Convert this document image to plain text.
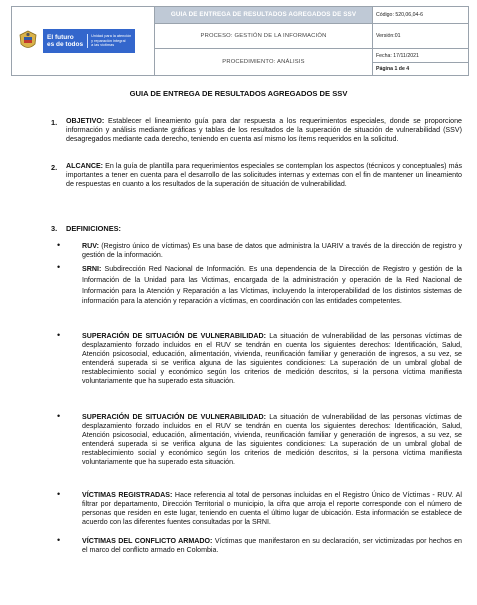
El futuro
es de todos
Unidad para la atención
y reparación integral
a las víctimas	GUIA DE ENTREGA DE RESULTADOS AGREGADOS DE SSV	Código: 520,06,04-6
	PROCESO: GESTIÓN DE LA INFORMACIÓN	Versión:01
	PROCEDIMIENTO: ANÁLISIS	Fecha: 17/11/2021
Página 1 de 4
GUIA DE ENTREGA DE RESULTADOS AGREGADOS DE SSV
1. OBJETIVO: Establecer el lineamiento guía para dar respuesta a los requerimientos especiales, donde se proporcione información y análisis mediante gráficas y tablas de los resultados de la superación de situación de vulnerabilidad (SSV) desagregados mediante cada derecho, teniendo en cuenta así mismo los ítems requeridos en la solicitud.
2. ALCANCE: En la guía de plantilla para requerimientos especiales se contemplan los aspectos (técnicos y conceptuales) más importantes a tener en cuenta para el desarrollo de las solicitudes internas y externas con el fin de mantener un lineamiento de respuestas en cuanto a los resultados de la superación de situación de vulnerabilidad.
3. DEFINICIONES:
•	RUV: (Registro único de víctimas) Es una base de datos que administra la UARIV a través de la dirección de registro y gestión de la información.
•	SRNI: Subdirección Red Nacional de Información. Es una dependencia de la Dirección de Registro y gestión de la Información de la Unidad para las Victimas, encargada de la administración y operación de la Red Nacional de Información para la Atención y Reparación a las Víctimas, incluyendo la interoperabilidad de los distintos sistemas de información para la atención y reparación a víctimas, en coordinación con las entidades competentes.
•	SUPERACIÓN DE SITUACIÓN DE VULNERABILIDAD: La situación de vulnerabilidad de las personas víctimas de desplazamiento forzado incluidos en el RUV se tendrán en cuenta los siguientes derechos: Identificación, Salud, Atención psicosocial, educación, alimentación, vivienda, reunificación familiar y generación de ingresos, a su vez, se entenderá superada si se verifica alguna de las siguientes condiciones: La superación de un umbral global de restablecimiento social y económico según los criterios de medición descritos, si la persona víctima manifiesta voluntariamente que ha superado esta situación.
•	SUPERACIÓN DE SITUACIÓN DE VULNERABILIDAD: La situación de vulnerabilidad de las personas víctimas de desplazamiento forzado incluidos en el RUV se tendrán en cuenta los siguientes derechos: Identificación, Salud, Atención psicosocial, educación, alimentación, vivienda, reunificación familiar y generación de ingresos, a su vez, se entenderá superada si se verifica alguna de las siguientes condiciones: La superación de un umbral global de restablecimiento social y económico según los criterios de medición descritos, si la persona víctima manifiesta voluntariamente que ha superado esta situación.
•	VÍCTIMAS REGISTRADAS: Hace referencia al total de personas incluidas en el Registro Único de Víctimas - RUV. Al filtrar por departamento, Dirección Territorial o municipio, la cifra que arroja el reporte corresponde con el número de personas que residen en este lugar, teniendo en cuenta el último lugar de ubicación. Esta información se establece de acuerdo con las diferentes fuentes consultadas por la SRNI.
•	VÍCTIMAS DEL CONFLICTO ARMADO: Víctimas que manifestaron en su declaración, ser victimizadas por hechos en el marco del conflicto armado en Colombia.
